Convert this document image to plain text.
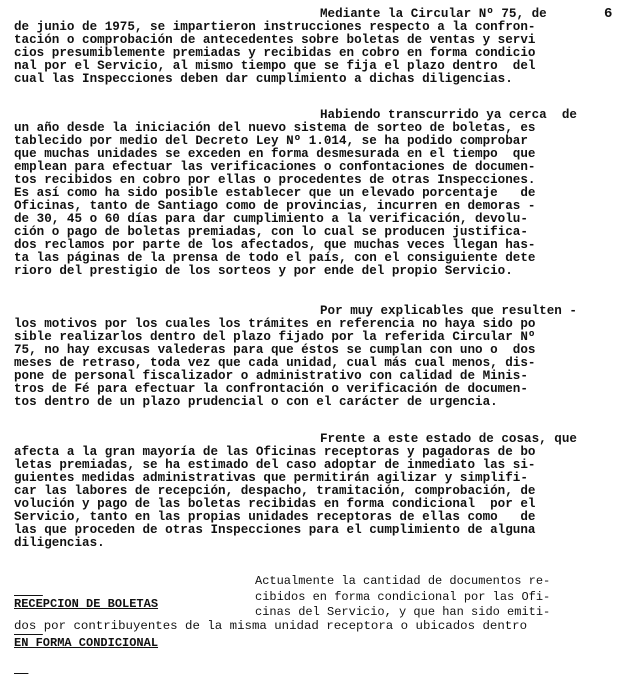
6
Mediante la Circular Nº 75, de
de junio de 1975, se impartieron instrucciones respecto a la confron-
tación o comprobación de antecedentes sobre boletas de ventas y servi
cios presumiblemente premiadas y recibidas en cobro en forma condicio
nal por el Servicio, al mismo tiempo que se fija el plazo dentro  del
cual las Inspecciones deben dar cumplimiento a dichas diligencias.
Habiendo transcurrido ya cerca  de
un año desde la iniciación del nuevo sistema de sorteo de boletas, es
tablecido por medio del Decreto Ley Nº 1.014, se ha podido comprobar
que muchas unidades se exceden en forma desmesurada en el tiempo  que
emplean para efectuar las verificaciones o confontaciones de documen-
tos recibidos en cobro por ellas o procedentes de otras Inspecciones.
Es así como ha sido posible establecer que un elevado porcentaje   de
Oficinas, tanto de Santiago como de provincias, incurren en demoras -
de 30, 45 o 60 días para dar cumplimiento a la verificación, devolu-
ción o pago de boletas premiadas, con lo cual se producen justifica-
dos reclamos por parte de los afectados, que muchas veces llegan has-
ta las páginas de la prensa de todo el país, con el consiguiente dete
rioro del prestigio de los sorteos y por ende del propio Servicio.
Por muy explicables que resulten -
los motivos por los cuales los trámites en referencia no haya sido po
sible realizarlos dentro del plazo fijado por la referida Circular Nº
75, no hay excusas valederas para que éstos se cumplan con uno o  dos
meses de retraso, toda vez que cada unidad, cual más cual menos, dis-
pone de personal fiscalizador o administrativo con calidad de Minis-
tros de Fé para efectuar la confrontación o verificación de documen-
tos dentro de un plazo prudencial o con el carácter de urgencia.
Frente a este estado de cosas, que
afecta a la gran mayoría de las Oficinas receptoras y pagadoras de bo
letas premiadas, se ha estimado del caso adoptar de inmediato las si-
guientes medidas administrativas que permitirán agilizar y simplifi-
car las labores de recepción, despacho, tramitación, comprobación, de
volución y pago de las boletas recibidas en forma condicional  por el
Servicio, tanto en las propias unidades receptoras de ellas como   de
las que proceden de otras Inspecciones para el cumplimiento de alguna
diligencias.

RECEPCION DE BOLETAS

EN FORMA CONDICIONAL

Actualmente la cantidad de documentos re-
cibidos en forma condicional por las Ofi-
cinas del Servicio, y que han sido emiti-
dos por contribuyentes de la misma unidad receptora o ubicados dentro
